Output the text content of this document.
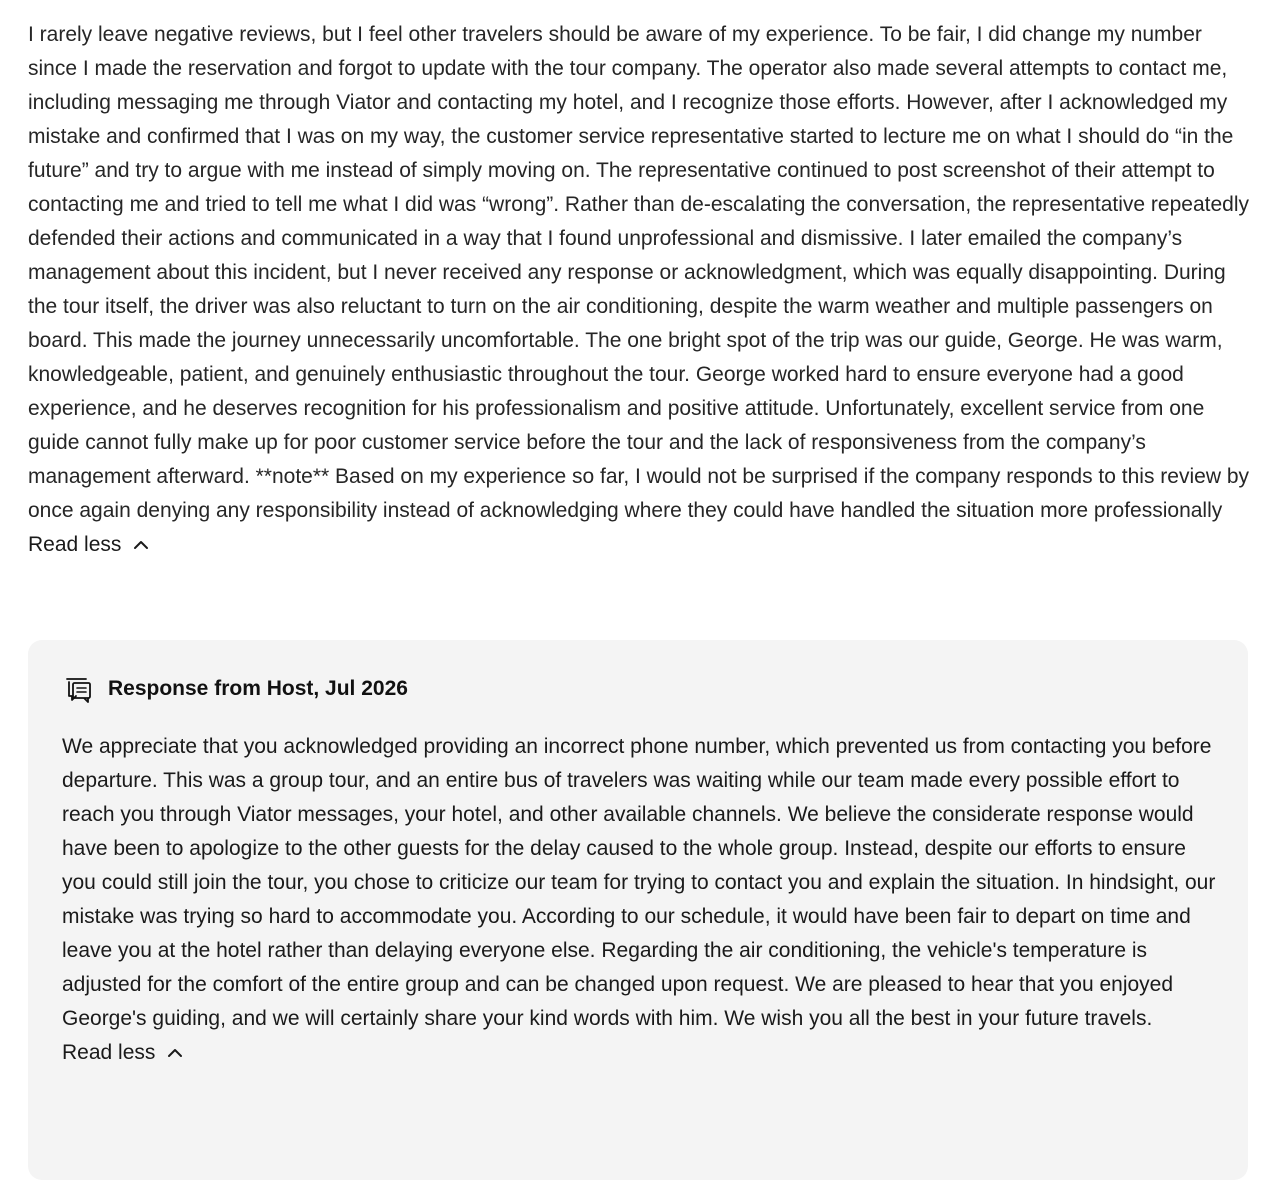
I rarely leave negative reviews, but I feel other travelers should be aware of my experience. To be fair, I did change my number since I made the reservation and forgot to update with the tour company. The operator also made several attempts to contact me, including messaging me through Viator and contacting my hotel, and I recognize those efforts. However, after I acknowledged my mistake and confirmed that I was on my way, the customer service representative started to lecture me on what I should do “in the future” and try to argue with me instead of simply moving on. The representative continued to post screenshot of their attempt to contacting me and tried to tell me what I did was “wrong”. Rather than de-escalating the conversation, the representative repeatedly defended their actions and communicated in a way that I found unprofessional and dismissive. I later emailed the company’s management about this incident, but I never received any response or acknowledgment, which was equally disappointing. During the tour itself, the driver was also reluctant to turn on the air conditioning, despite the warm weather and multiple passengers on board. This made the journey unnecessarily uncomfortable. The one bright spot of the trip was our guide, George. He was warm, knowledgeable, patient, and genuinely enthusiastic throughout the tour. George worked hard to ensure everyone had a good experience, and he deserves recognition for his professionalism and positive attitude. Unfortunately, excellent service from one guide cannot fully make up for poor customer service before the tour and the lack of responsiveness from the company’s management afterward. **note** Based on my experience so far, I would not be surprised if the company responds to this review by once again denying any responsibility instead of acknowledging where they could have handled the situation more professionally

Read less
Response from Host, Jul 2026

We appreciate that you acknowledged providing an incorrect phone number, which prevented us from contacting you before departure. This was a group tour, and an entire bus of travelers was waiting while our team made every possible effort to reach you through Viator messages, your hotel, and other available channels. We believe the considerate response would have been to apologize to the other guests for the delay caused to the whole group. Instead, despite our efforts to ensure you could still join the tour, you chose to criticize our team for trying to contact you and explain the situation. In hindsight, our mistake was trying so hard to accommodate you. According to our schedule, it would have been fair to depart on time and leave you at the hotel rather than delaying everyone else. Regarding the air conditioning, the vehicle's temperature is adjusted for the comfort of the entire group and can be changed upon request. We are pleased to hear that you enjoyed George's guiding, and we will certainly share your kind words with him. We wish you all the best in your future travels.

Read less
